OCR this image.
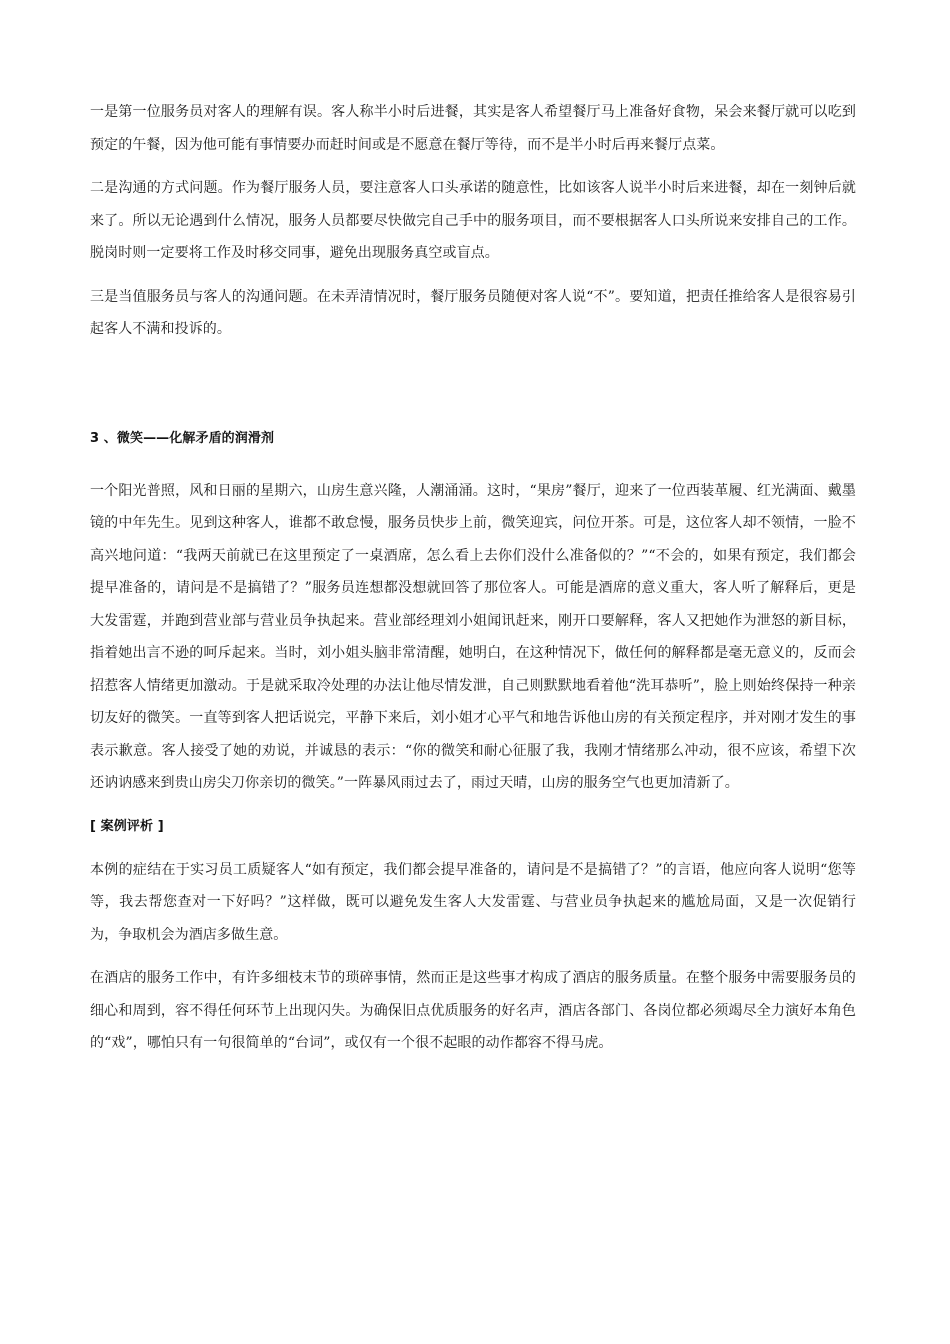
一是第一位服务员对客人的理解有误。客人称半小时后进餐，其实是客人希望餐厅马上准备好食物，呆会来餐厅就可以吃到预定的午餐，因为他可能有事情要办而赶时间或是不愿意在餐厅等待，而不是半小时后再来餐厅点菜。

二是沟通的方式问题。作为餐厅服务人员，要注意客人口头承诺的随意性，比如该客人说半小时后来进餐，却在一刻钟后就来了。所以无论遇到什么情况，服务人员都要尽快做完自己手中的服务项目，而不要根据客人口头所说来安排自己的工作。脱岗时则一定要将工作及时移交同事，避免出现服务真空或盲点。

三是当值服务员与客人的沟通问题。在未弄清情况时，餐厅服务员随便对客人说“不”。要知道，把责任推给客人是很容易引起客人不满和投诉的。

3 、微笑——化解矛盾的润滑剂

一个阳光普照，风和日丽的星期六，山房生意兴隆，人潮涌涌。这时，“果房”餐厅，迎来了一位西装革履、红光满面、戴墨镜的中年先生。见到这种客人，谁都不敢怠慢，服务员快步上前，微笑迎宾，问位开茶。可是，这位客人却不领情，一脸不高兴地问道：“我两天前就已在这里预定了一桌酒席，怎么看上去你们没什么准备似的？”“不会的，如果有预定，我们都会提早准备的，请问是不是搞错了？”服务员连想都没想就回答了那位客人。可能是酒席的意义重大，客人听了解释后，更是大发雷霆，并跑到营业部与营业员争执起来。营业部经理刘小姐闻讯赶来，刚开口要解释，客人又把她作为泄怒的新目标，指着她出言不逊的呵斥起来。当时，刘小姐头脑非常清醒，她明白，在这种情况下，做任何的解释都是毫无意义的，反而会招惹客人情绪更加激动。于是就采取冷处理的办法让他尽情发泄，自己则默默地看着他“洗耳恭听”，脸上则始终保持一种亲切友好的微笑。一直等到客人把话说完，平静下来后，刘小姐才心平气和地告诉他山房的有关预定程序，并对刚才发生的事表示歉意。客人接受了她的劝说，并诚恳的表示：“你的微笑和耐心征服了我，我刚才情绪那么冲动，很不应该，希望下次还讷讷感来到贵山房尖刀你亲切的微笑。”一阵暴风雨过去了，雨过天晴，山房的服务空气也更加清新了。

[ 案例评析 ]

本例的症结在于实习员工质疑客人“如有预定，我们都会提早准备的，请问是不是搞错了？”的言语，他应向客人说明“您等等，我去帮您查对一下好吗？”这样做，既可以避免发生客人大发雷霆、与营业员争执起来的尴尬局面，又是一次促销行为，争取机会为酒店多做生意。

在酒店的服务工作中，有许多细枝末节的琐碎事情，然而正是这些事才构成了酒店的服务质量。在整个服务中需要服务员的细心和周到，容不得任何环节上出现闪失。为确保旧点优质服务的好名声，酒店各部门、各岗位都必须竭尽全力演好本角色的“戏”，哪怕只有一句很简单的“台词”，或仅有一个很不起眼的动作都容不得马虎。
